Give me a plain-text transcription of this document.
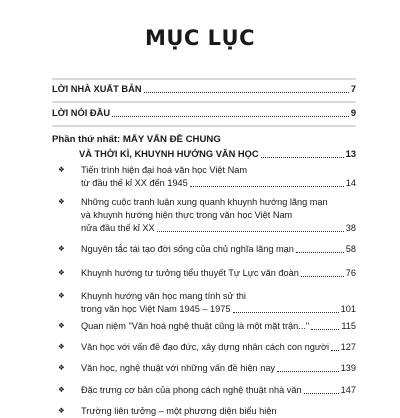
MỤC LỤC
LỜI NHÀ XUẤT BẢN	7
LỜI NÓI ĐẦU	9
Phần thứ nhất: MẤY VẤN ĐỀ CHUNG
VÀ THỜI KÌ, KHUYNH HƯỚNG VĂN HỌC	13
❖ Tiến trình hiện đại hoá văn học Việt Nam
từ đầu thế kỉ XX đến 1945	14
❖ Những cuộc tranh luận xung quanh khuynh hướng lãng mạn
và khuynh hướng hiện thực trong văn học Việt Nam
nửa đầu thế kỉ XX	38
❖ Nguyên tắc tái tạo đời sống của chủ nghĩa lãng mạn	58
❖ Khuynh hướng tư tưởng tiểu thuyết Tự Lực văn đoàn	76
❖ Khuynh hướng văn học mang tính sử thi
trong văn học Việt Nam 1945 – 1975	101
❖ Quan niệm "Văn hoá nghệ thuật cũng là một mặt trận..."	115
❖ Văn học với vấn đề đạo đức, xây dựng nhân cách con người 127
❖ Văn học, nghệ thuật với những vấn đề hiện nay	139
❖ Đặc trưng cơ bản của phong cách nghệ thuật nhà văn	147
❖ Trường liên tưởng – một phương diện biểu hiện
